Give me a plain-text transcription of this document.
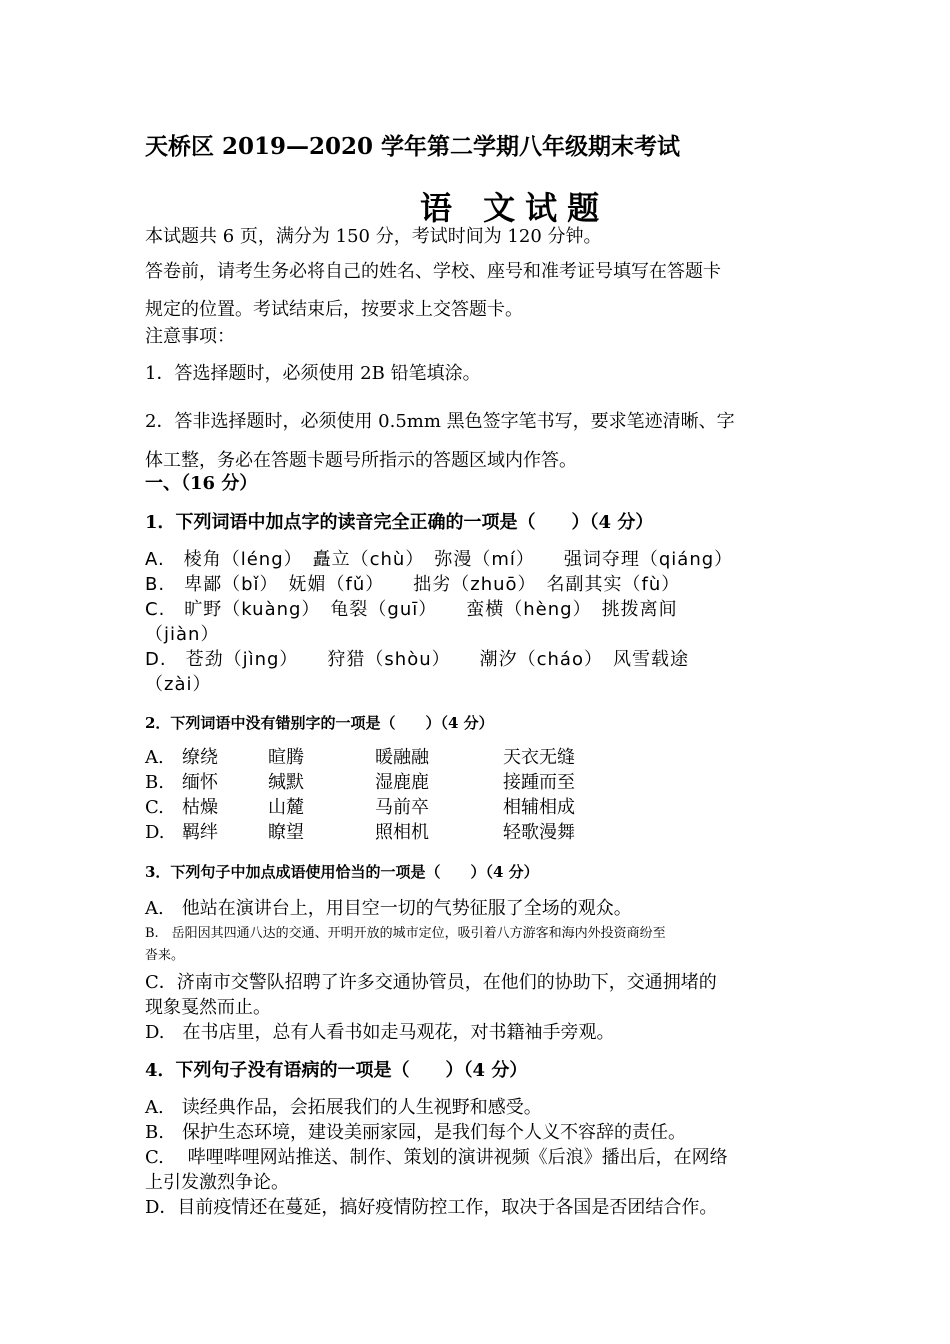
天桥区 2019—2020 学年第二学期八年级期末考试
语 文试题
本试题共 6 页，满分为 150 分，考试时间为 120 分钟。
答卷前，请考生务必将自己的姓名、学校、座号和准考证号填写在答题卡
规定的位置。考试结束后，按要求上交答题卡。
注意事项：
1．答选择题时，必须使用 2B 铅笔填涂。
2．答非选择题时，必须使用 0.5mm 黑色签字笔书写，要求笔迹清晰、字
体工整，务必在答题卡题号所指示的答题区域内作答。
一、（16 分）
1．下列词语中加点字的读音完全正确的一项是（　　）（4 分）
A.　棱角（léng）　矗立（chù）　弥漫（mí）　　强词夺理（qiáng）
B.　卑鄙（bǐ）　妩媚（fǔ）　　拙劣（zhuō）　名副其实（fù）
C.　旷野（kuàng）　龟裂（guī）　　蛮横（hèng）　挑拨离间
（jiàn）
D.　苍劲（jìng）　　狩猎（shòu）　　潮汐（cháo）　风雪载途
（zài）
2．下列词语中没有错别字的一项是（　　）（4 分）
A. 缭绕	暄腾	暖融融	天衣无缝
B. 缅怀	缄默	湿鹿鹿	接踵而至
C. 枯燥	山麓	马前卒	相辅相成
D. 羁绊	瞭望	照相机	轻歌漫舞
3．下列句子中加点成语使用恰当的一项是（　　）（4 分）
A.　他站在演讲台上，用目空一切的气势征服了全场的观众。
B.　岳阳因其四通八达的交通、开明开放的城市定位，吸引着八方游客和海内外投资商纷至
沓来。
C．济南市交警队招聘了许多交通协管员，在他们的协助下，交通拥堵的
现象戛然而止。
D.　在书店里，总有人看书如走马观花，对书籍袖手旁观。
4．下列句子没有语病的一项是（　　）（4 分）
A.　读经典作品，会拓展我们的人生视野和感受。
B.　保护生态环境，建设美丽家园，是我们每个人义不容辞的责任。
C.　 哔哩哔哩网站推送、制作、策划的演讲视频《后浪》播出后，在网络
上引发激烈争论。
D．目前疫情还在蔓延，搞好疫情防控工作，取决于各国是否团结合作。
